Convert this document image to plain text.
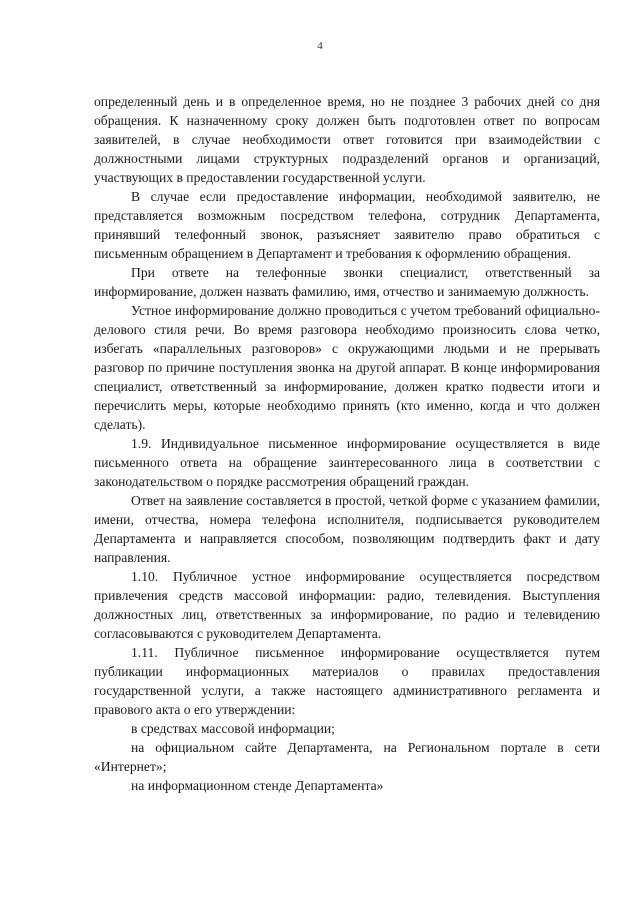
4

определенный день и в определенное время, но не позднее 3 рабочих дней со дня обращения. К назначенному сроку должен быть подготовлен ответ по вопросам заявителей, в случае необходимости ответ готовится при взаимодействии с должностными лицами структурных подразделений органов и организаций, участвующих в предоставлении государственной услуги.

В случае если предоставление информации, необходимой заявителю, не представляется возможным посредством телефона, сотрудник Департамента, принявший телефонный звонок, разъясняет заявителю право обратиться с письменным обращением в Департамент и требования к оформлению обращения.

При ответе на телефонные звонки специалист, ответственный за информирование, должен назвать фамилию, имя, отчество и занимаемую должность.

Устное информирование должно проводиться с учетом требований официально-делового стиля речи. Во время разговора необходимо произносить слова четко, избегать «параллельных разговоров» с окружающими людьми и не прерывать разговор по причине поступления звонка на другой аппарат. В конце информирования специалист, ответственный за информирование, должен кратко подвести итоги и перечислить меры, которые необходимо принять (кто именно, когда и что должен сделать).

1.9. Индивидуальное письменное информирование осуществляется в виде письменного ответа на обращение заинтересованного лица в соответствии с законодательством о порядке рассмотрения обращений граждан.

Ответ на заявление составляется в простой, четкой форме с указанием фамилии, имени, отчества, номера телефона исполнителя, подписывается руководителем Департамента и направляется способом, позволяющим подтвердить факт и дату направления.

1.10. Публичное устное информирование осуществляется посредством привлечения средств массовой информации: радио, телевидения. Выступления должностных лиц, ответственных за информирование, по радио и телевидению согласовываются с руководителем Департамента.

1.11. Публичное письменное информирование осуществляется путем публикации информационных материалов о правилах предоставления государственной услуги, а также настоящего административного регламента и правового акта о его утверждении:

в средствах массовой информации;

на официальном сайте Департамента, на Региональном портале в сети «Интернет»;

на информационном стенде Департамента»
